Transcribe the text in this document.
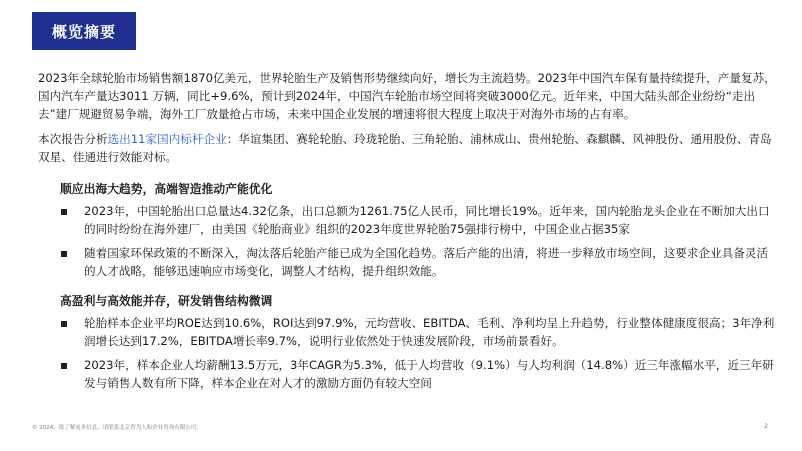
概览摘要

2023年全球轮胎市场销售额1870亿美元，世界轮胎生产及销售形势继续向好，增长为主流趋势。2023年中国汽车保有量持续提升，产量复苏，国内汽车产量达3011 万辆，同比+9.6%，预计到2024年，中国汽车轮胎市场空间将突破3000亿元。近年来，中国大陆头部企业纷纷“走出去”建厂规避贸易争端，海外工厂放量抢占市场，未来中国企业发展的增速将很大程度上取决于对海外市场的占有率。

本次报告分析选出11家国内标杆企业：华谊集团、赛轮轮胎、玲珑轮胎、三角轮胎、浦林成山、贵州轮胎、森麒麟、风神股份、通用股份、青岛双星、佳通进行效能对标。

顺应出海大趋势，高端智造推动产能优化
2023年，中国轮胎出口总量达4.32亿条，出口总额为1261.75亿人民币，同比增长19%。近年来，国内轮胎龙头企业在不断加大出口的同时纷纷在海外建厂，由美国《轮胎商业》组织的2023年度世界轮胎75强排行榜中，中国企业占据35家
随着国家环保政策的不断深入，淘汰落后轮胎产能已成为全国化趋势。落后产能的出清，将进一步释放市场空间，这要求企业具备灵活的人才战略，能够迅速响应市场变化，调整人才结构，提升组织效能。
高盈利与高效能并存，研发销售结构微调
轮胎样本企业平均ROE达到10.6%，ROI达到97.9%，元均营收、EBITDA、毛利、净利均呈上升趋势，行业整体健康度很高；3年净利润增长达到17.2%，EBITDA增长率9.7%，说明行业依然处于快速发展阶段，市场前景看好。
2023年，样本企业人均薪酬13.5万元，3年CAGR为5.3%，低于人均营收（9.1%）与人均利润（14.8%）近三年涨幅水平，近三年研发与销售人数有所下降，样本企业在对人才的激励方面仍有较大空间
© 2024。欲了解更多信息，请联系北京智为人和企业咨询有限公司。	2
